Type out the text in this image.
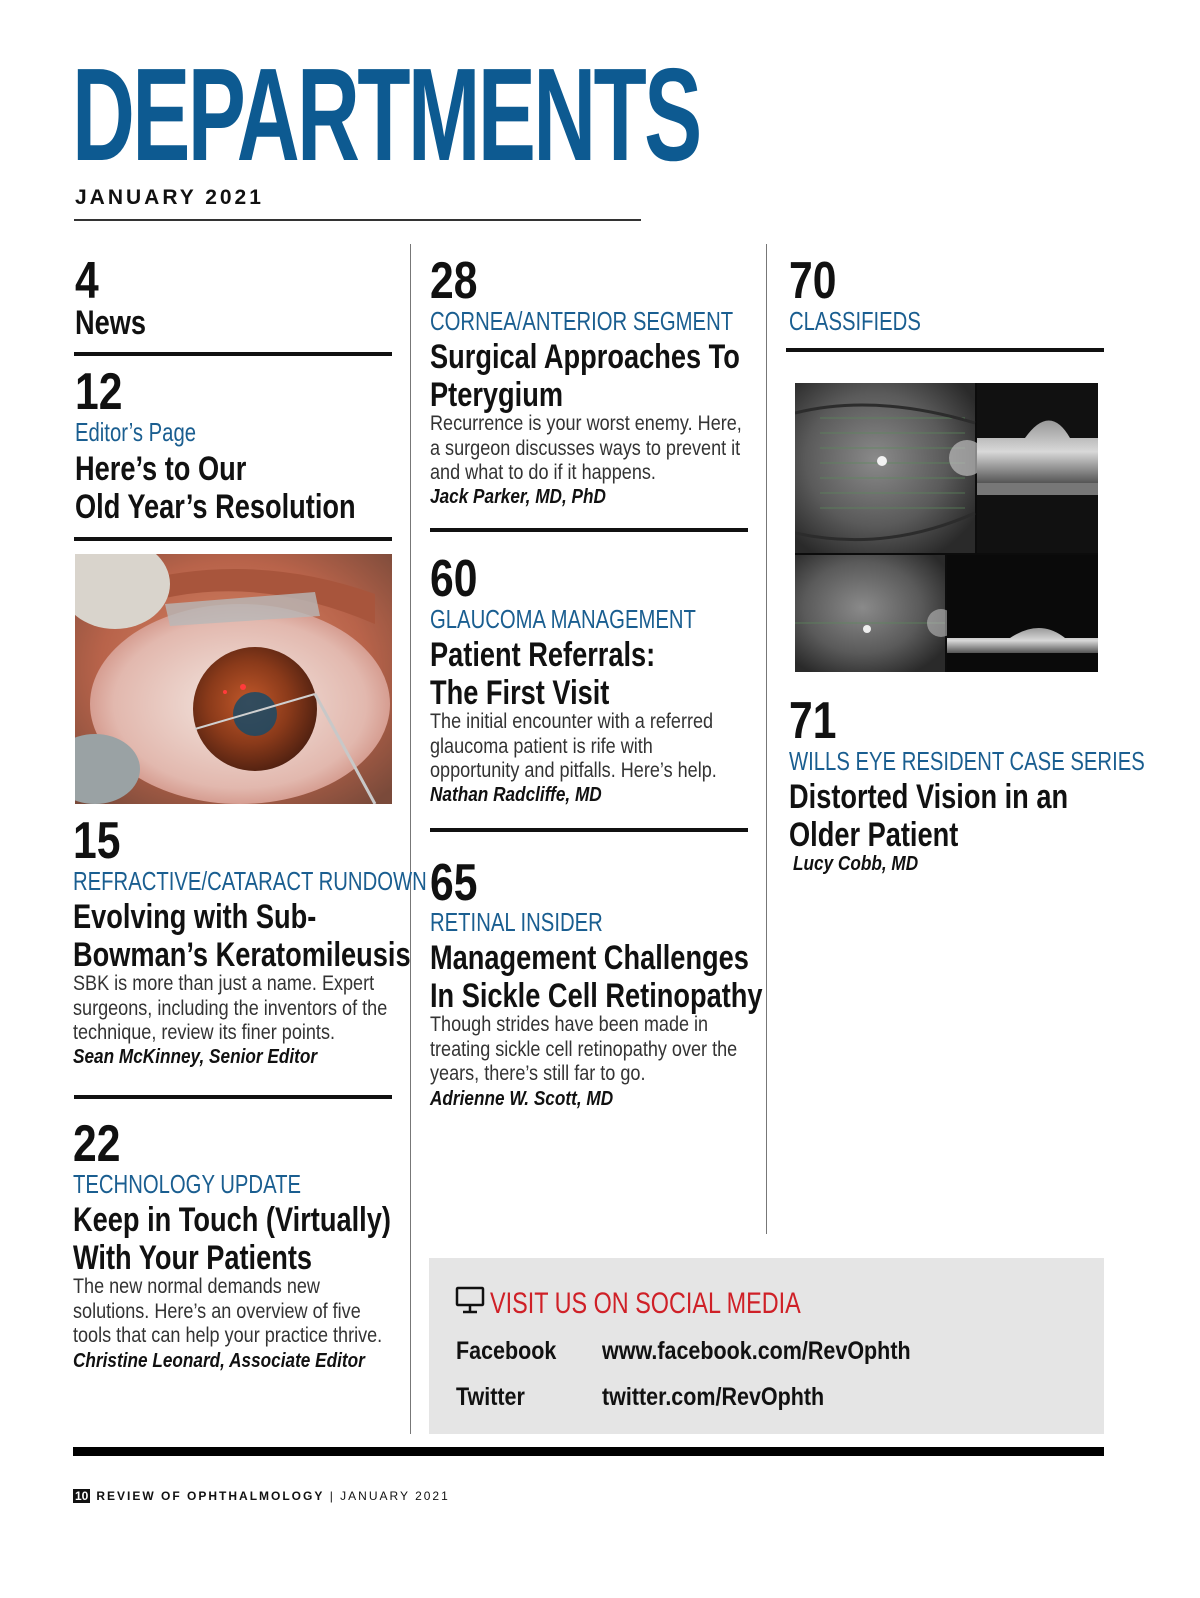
DEPARTMENTS
JANUARY 2021
4
News
12
Editor’s Page
Here’s to Our
Old Year’s Resolution
15
REFRACTIVE/CATARACT RUNDOWN
Evolving with Sub-
Bowman’s Keratomileusis
SBK is more than just a name. Expert
surgeons, including the inventors of the
technique, review its finer points.
Sean McKinney, Senior Editor
22
TECHNOLOGY UPDATE
Keep in Touch (Virtually)
With Your Patients
The new normal demands new
solutions. Here’s an overview of five
tools that can help your practice thrive.
Christine Leonard, Associate Editor
28
CORNEA/ANTERIOR SEGMENT
Surgical Approaches To
Pterygium
Recurrence is your worst enemy. Here,
a surgeon discusses ways to prevent it
and what to do if it happens.
Jack Parker, MD, PhD
60
GLAUCOMA MANAGEMENT
Patient Referrals:
The First Visit
The initial encounter with a referred
glaucoma patient is rife with
opportunity and pitfalls. Here’s help.
Nathan Radcliffe, MD
65
RETINAL INSIDER
Management Challenges
In Sickle Cell Retinopathy
Though strides have been made in
treating sickle cell retinopathy over the
years, there’s still far to go.
Adrienne W. Scott, MD
70
CLASSIFIEDS
71
WILLS EYE RESIDENT CASE SERIES
Distorted Vision in an
Older Patient
Lucy Cobb, MD
VISIT US ON SOCIAL MEDIA
Facebook www.facebook.com/RevOphth
Twitter	twitter.com/RevOphth
10 REVIEW OF OPHTHALMOLOGY | JANUARY 2021
